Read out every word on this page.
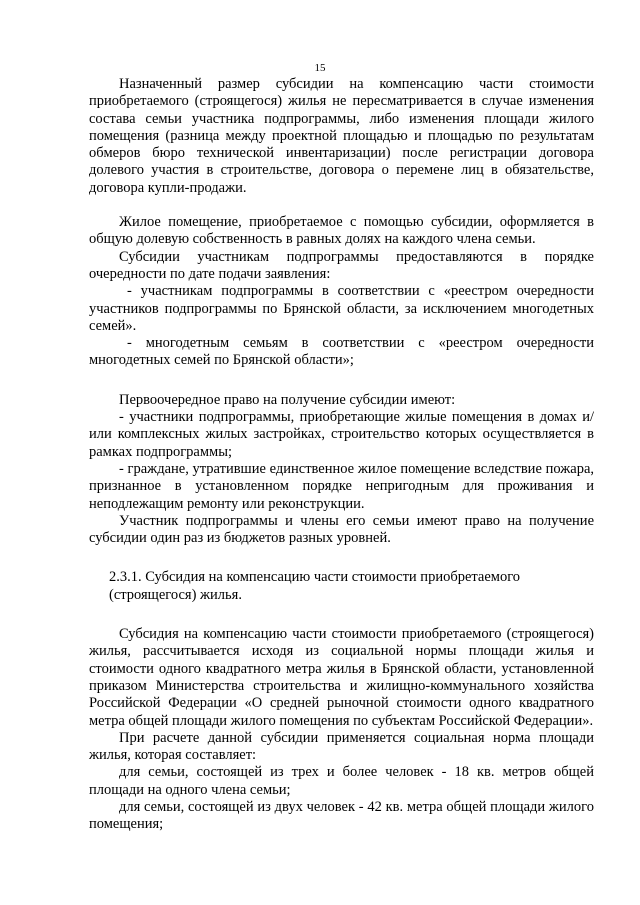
15

Назначенный размер субсидии на компенсацию части стоимости приобретаемого (строящегося) жилья не пересматривается в случае изменения состава семьи участника подпрограммы, либо изменения площади жилого помещения (разница между проектной площадью и площадью по результатам обмеров бюро технической инвентаризации) после регистрации договора долевого участия в строительстве, договора о перемене лиц в обязательстве, договора купли-продажи.

Жилое помещение, приобретаемое с помощью субсидии, оформляется в общую долевую собственность в равных долях на каждого члена семьи.

Субсидии участникам подпрограммы предоставляются в порядке очередности по дате подачи заявления:

- участникам подпрограммы в соответствии с «реестром очередности участников подпрограммы по Брянской области, за исключением многодетных семей».

- многодетным семьям в соответствии с «реестром очередности многодетных семей по Брянской области»;

Первоочередное право на получение субсидии имеют:

- участники подпрограммы, приобретающие жилые помещения в домах и/или комплексных жилых застройках, строительство которых осуществляется в рамках подпрограммы;

- граждане, утратившие единственное жилое помещение вследствие пожара, признанное в установленном порядке непригодным для проживания и неподлежащим ремонту или реконструкции.

Участник подпрограммы и члены его семьи имеют право на получение субсидии один раз из бюджетов разных уровней.

2.3.1. Субсидия на компенсацию части стоимости приобретаемого

(строящегося) жилья.

Субсидия на компенсацию части стоимости приобретаемого (строящегося) жилья, рассчитывается исходя из социальной нормы площади жилья и стоимости одного квадратного метра жилья в Брянской области, установленной приказом Министерства строительства и жилищно-коммунального хозяйства Российской Федерации «О средней рыночной стоимости одного квадратного метра общей площади жилого помещения по субъектам Российской Федерации».

При расчете данной субсидии применяется социальная норма площади жилья, которая составляет:

для семьи, состоящей из трех и более человек - 18 кв. метров общей площади на одного члена семьи;

для семьи, состоящей из двух человек - 42 кв. метра общей площади жилого помещения;
